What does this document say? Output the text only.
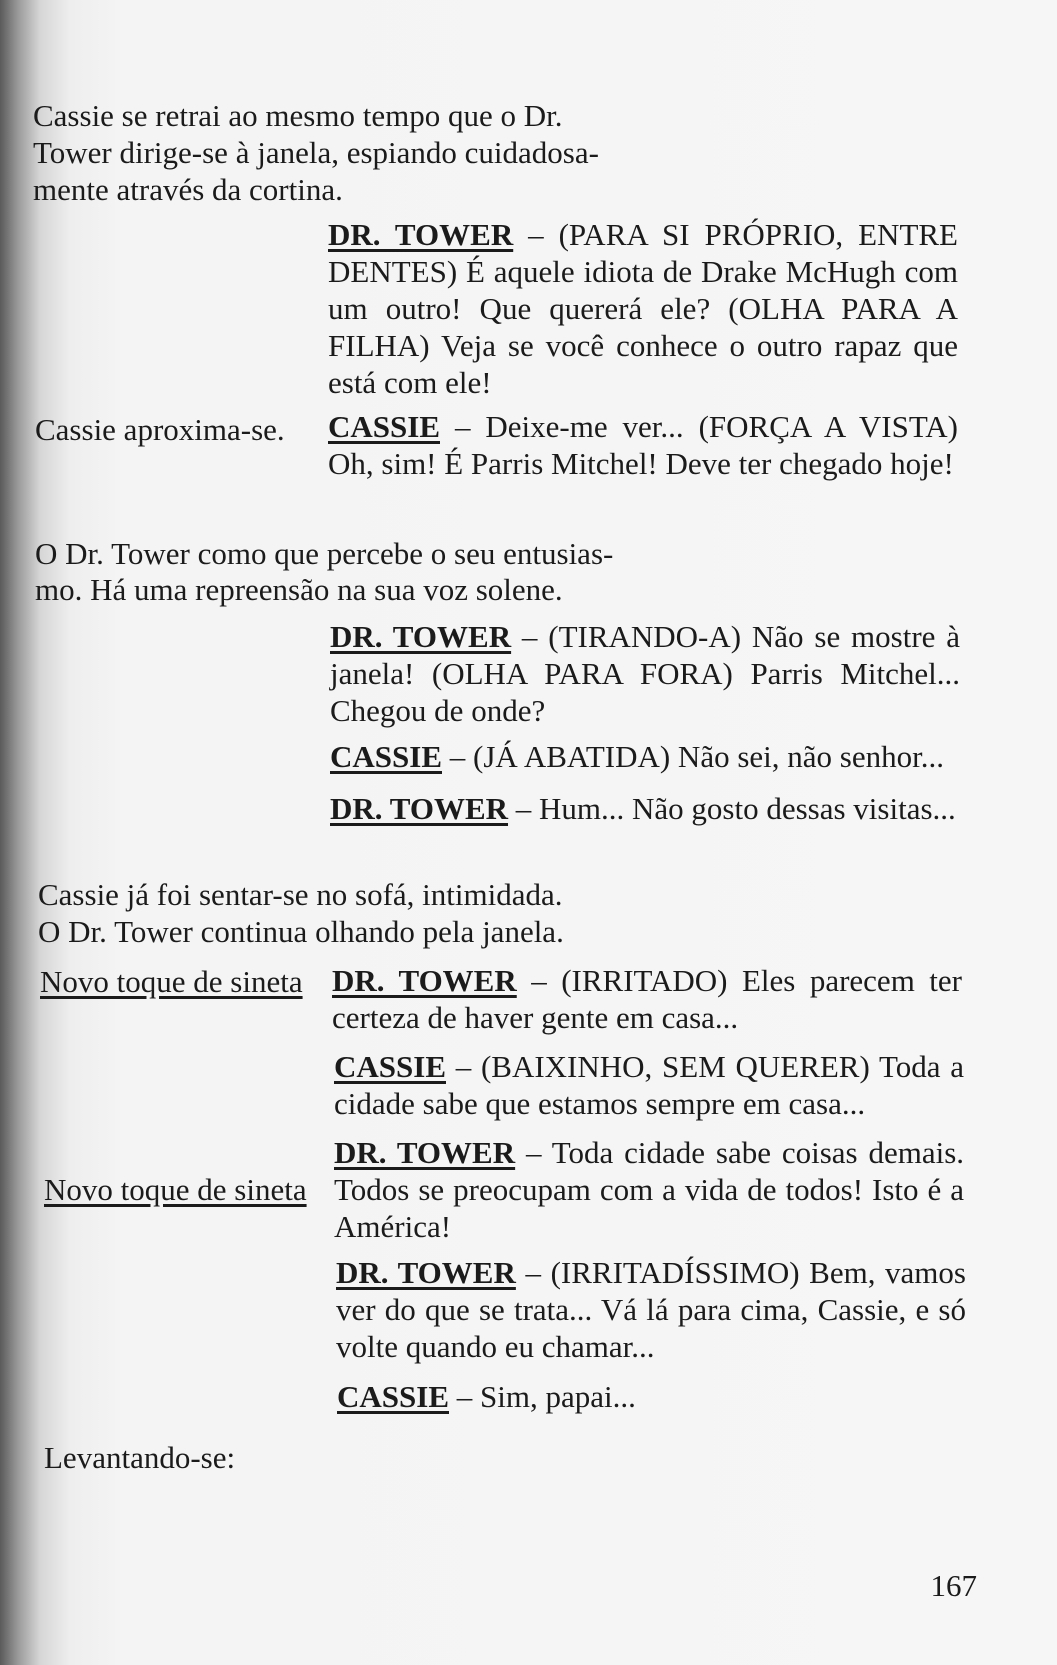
Cassie se retrai ao mesmo tempo que o Dr.
Tower dirige-se à janela, espiando cuidadosa-
mente através da cortina.
DR. TOWER – (PARA SI PRÓPRIO, ENTRE DENTES) É aquele idiota de Drake McHugh com um outro! Que quererá ele? (OLHA PARA A FILHA) Veja se você conhece o outro rapaz que está com ele!
Cassie aproxima-se. CASSIE – Deixe-me ver... (FORÇA A VISTA) Oh, sim! É Parris Mitchel! Deve ter chegado hoje!
O Dr. Tower como que percebe o seu entusias-
mo. Há uma repreensão na sua voz solene.
DR. TOWER – (TIRANDO-A) Não se mostre à janela! (OLHA PARA FORA) Parris Mitchel... Chegou de onde?
CASSIE – (JÁ ABATIDA) Não sei, não senhor...
DR. TOWER – Hum... Não gosto dessas visitas...
Cassie já foi sentar-se no sofá, intimidada.
O Dr. Tower continua olhando pela janela.
Novo toque de sineta DR. TOWER – (IRRITADO) Eles parecem ter certeza de haver gente em casa...
CASSIE – (BAIXINHO, SEM QUERER) Toda a cidade sabe que estamos sempre em casa...
Novo toque de sineta
DR. TOWER – Toda cidade sabe coisas demais. Todos se preocupam com a vida de todos! Isto é a América!
DR. TOWER – (IRRITADÍSSIMO) Bem, vamos ver do que se trata... Vá lá para cima, Cassie, e só volte quando eu chamar...
CASSIE – Sim, papai...
Levantando-se:
167
